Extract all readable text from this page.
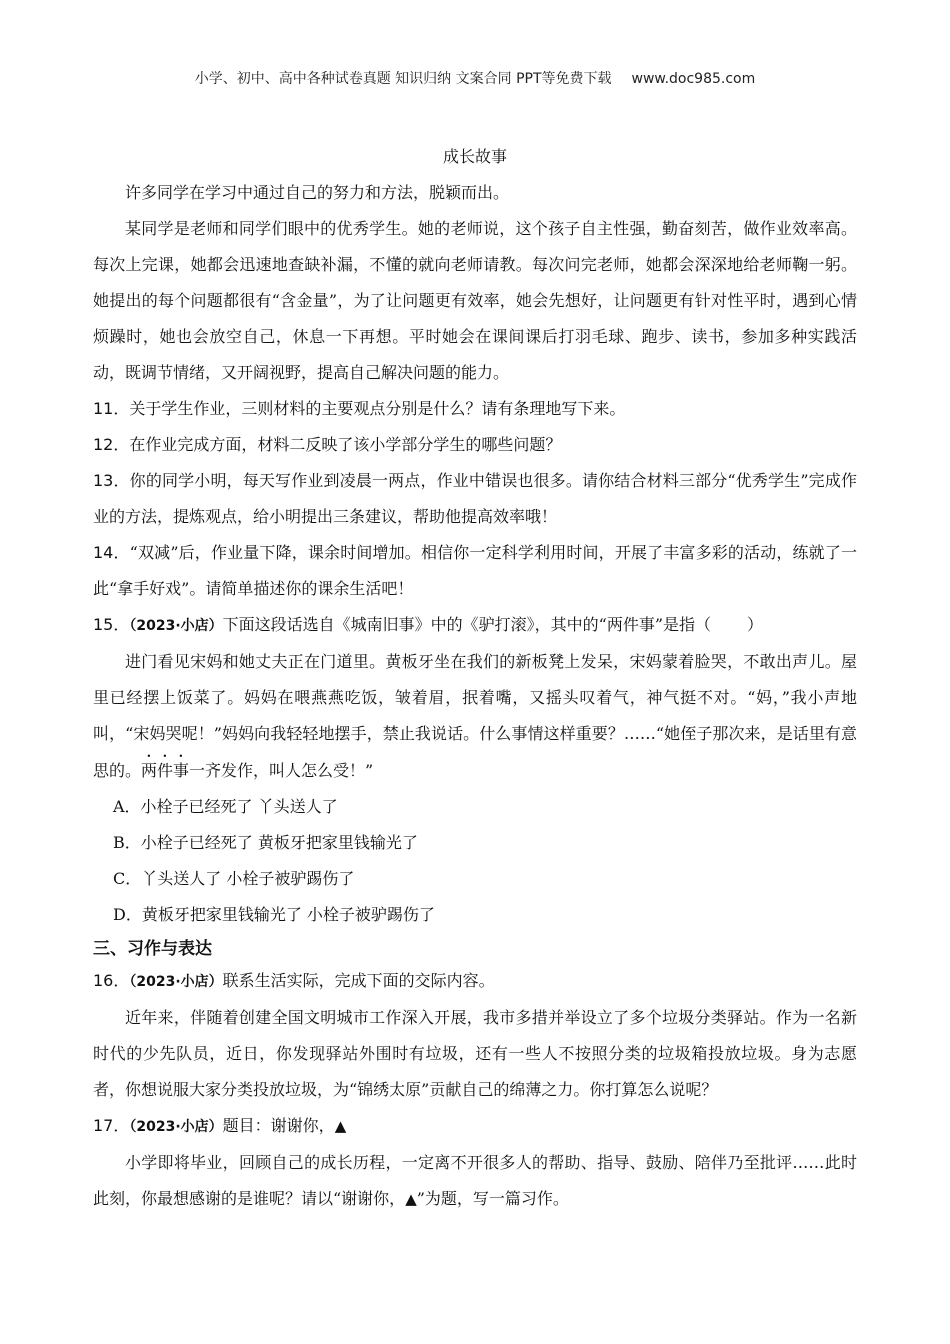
小学、初中、高中各种试卷真题 知识归纳 文案合同 PPT等免费下载 www.doc985.com
成长故事

许多同学在学习中通过自己的努力和方法，脱颖而出。

某同学是老师和同学们眼中的优秀学生。她的老师说，这个孩子自主性强，勤奋刻苦，做作业效率高。每次上完课，她都会迅速地查缺补漏，不懂的就向老师请教。每次问完老师，她都会深深地给老师鞠一躬。她提出的每个问题都很有“含金量”，为了让问题更有效率，她会先想好，让问题更有针对性平时，遇到心情烦躁时，她也会放空自己，休息一下再想。平时她会在课间课后打羽毛球、跑步、读书，参加多种实践活动，既调节情绪，又开阔视野，提高自己解决问题的能力。

11．关于学生作业，三则材料的主要观点分别是什么？请有条理地写下来。

12．在作业完成方面，材料二反映了该小学部分学生的哪些问题？

13．你的同学小明，每天写作业到凌晨一两点，作业中错误也很多。请你结合材料三部分“优秀学生”完成作业的方法，提炼观点，给小明提出三条建议，帮助他提高效率哦！

14．“双减”后，作业量下降，课余时间增加。相信你一定科学利用时间，开展了丰富多彩的活动，练就了一此“拿手好戏”。请简单描述你的课余生活吧！

15．（2023·小店）下面这段话选自《城南旧事》中的《驴打滚》，其中的“两件事”是指（ ）

进门看见宋妈和她丈夫正在门道里。黄板牙坐在我们的新板凳上发呆，宋妈蒙着脸哭，不敢出声儿。屋里已经摆上饭菜了。妈妈在喂燕燕吃饭，皱着眉，抿着嘴，又摇头叹着气，神气挺不对。“妈，”我小声地叫，“宋妈哭呢！”妈妈向我轻轻地摆手，禁止我说话。什么事情这样重要？……“她侄子那次来，是话里有意思的。两件事一齐发作，叫人怎么受！”

A．小栓子已经死了 丫头送人了

B．小栓子已经死了 黄板牙把家里钱输光了

C．丫头送人了 小栓子被驴踢伤了

D．黄板牙把家里钱输光了 小栓子被驴踢伤了

三、习作与表达

16．（2023·小店）联系生活实际，完成下面的交际内容。

近年来，伴随着创建全国文明城市工作深入开展，我市多措并举设立了多个垃圾分类驿站。作为一名新时代的少先队员，近日，你发现驿站外围时有垃圾，还有一些人不按照分类的垃圾箱投放垃圾。身为志愿者，你想说服大家分类投放垃圾，为“锦绣太原”贡献自己的绵薄之力。你打算怎么说呢？

17．（2023·小店）题目：谢谢你，▲

小学即将毕业，回顾自己的成长历程，一定离不开很多人的帮助、指导、鼓励、陪伴乃至批评……此时此刻，你最想感谢的是谁呢？请以“谢谢你，▲”为题，写一篇习作。
